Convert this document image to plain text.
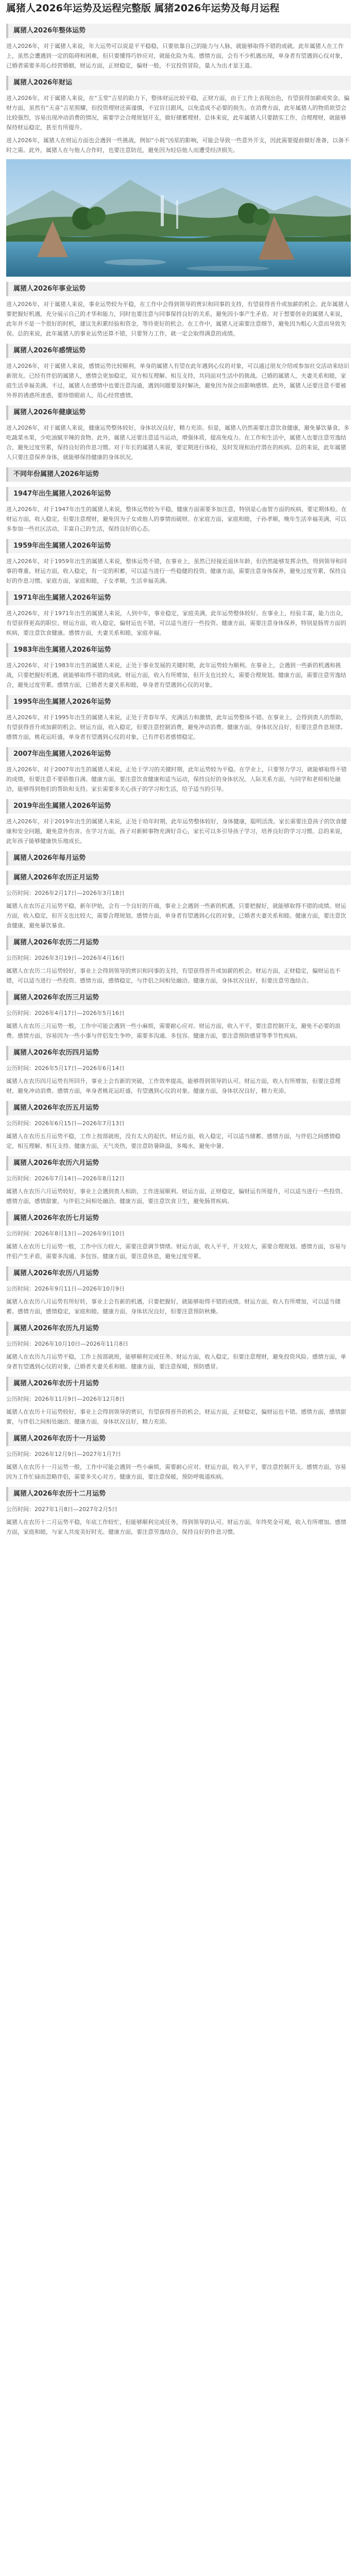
属猪人2026年运势及运程完整版 属猪2026年运势及每月运程
属猪人2026年整体运势

进入2026年，对于属猪人来说，年大运势可以说是平平稳稳，只要依靠自己的能力与人脉，就能够取得不错的成就。此年属猪人在工作上，虽然会遭遇到一定的阻碍和困难，但只要懂得巧妙应对，就能化险为夷。感情方面，会有不少机遇出现，单身者有望遇到心仪对象，已婚者需要多用心经营婚姻，财运方面，正财稳定，偏财一般，不宜投资冒险，量入为出才是王道。

属猪人2026年财运

进入2026年，对于属猪人来说，在“玉堂”吉星的助力下，整体财运比较平稳，正财方面，由于工作上表现出色，有望获得加薪或奖金。偏财方面，虽然有“天喜”吉星照耀，但投资理财还需谨慎，不宜盲目跟风，以免造成不必要的损失。在消费方面，此年属猪人的物质欲望会比较强烈，容易出现冲动消费的情况，需要学会合理规划开支，做好储蓄理财。总体来说，此年属猪人只要踏实工作，合理理财，就能够保持财运稳定，甚至有所提升。

进入2026年，属猪人在财运方面也会遇到一些挑战，例如“小耗”凶星的影响，可能会导致一些意外开支，因此需要提前做好准备，以备不时之需。此外，属猪人在与他人合作时，也要注意防范，避免因为轻信他人而遭受经济损失。

属猪人2026年事业运势

进入2026年，对于属猪人来说，事业运势较为平稳，在工作中会得到领导的赏识和同事的支持，有望获得晋升或加薪的机会。此年属猪人要把握好机遇，充分展示自己的才华和能力，同时也要注意与同事保持良好的关系，避免因小事产生矛盾。对于想要创业的属猪人来说，此年并不是一个很好的时机，建议先积累经验和资金，等待更好的机会。在工作中，属猪人还需要注意细节，避免因为粗心大意而导致失误。总的来说，此年属猪人的事业运势还算不错，只要努力工作，就一定会取得满意的成绩。

属猪人2026年感情运势

进入2026年，对于属猪人来说，感情运势比较顺利，单身的属猪人有望在此年遇到心仪的对象，可以通过朋友介绍或参加社交活动来结识新朋友。已经有伴侣的属猪人，感情会更加稳定，双方相互理解、相互支持，共同面对生活中的挑战。已婚的属猪人，夫妻关系和睦，家庭生活幸福美满。不过，属猪人在感情中也要注意沟通，遇到问题要及时解决，避免因为误会而影响感情。此外，属猪人还要注意不要被外界的诱惑所迷惑，要珍惜眼前人，用心经营感情。

属猪人2026年健康运势

进入2026年，对于属猪人来说，健康运势整体较好，身体状况良好，精力充沛。但是，属猪人仍然需要注意饮食健康，避免暴饮暴食，多吃蔬菜水果，少吃油腻辛辣的食物。此外，属猪人还要注意适当运动，增强体质，提高免疫力。在工作和生活中，属猪人也要注意劳逸结合，避免过度劳累，保持良好的作息习惯。对于年长的属猪人来说，要定期进行体检，及时发现和治疗潜在的疾病。总的来说，此年属猪人只要注意保养身体，就能够保持健康的身体状况。

不同年份属猪人2026年运势
1947年出生属猪人2026年运势

进入2026年，对于1947年出生的属猪人来说，整体运势较为平稳，健康方面需要多加注意，特别是心血管方面的疾病，要定期体检。在财运方面，收入稳定，但要注意理财，避免因为子女或他人的事情而破财。在家庭方面，家庭和睦，子孙孝顺，晚年生活幸福美满，可以多参加一些社区活动，丰富自己的生活，保持良好的心态。

1959年出生属猪人2026年运势

进入2026年，对于1959年出生的属猪人来说，整体运势不错，在事业上，虽然已经接近退休年龄，但仍然能够发挥余热，得到领导和同事的尊重。财运方面，收入稳定，有一定的积蓄，可以适当进行一些稳健的投资。健康方面，需要注意身体保养，避免过度劳累，保持良好的作息习惯。家庭方面，家庭和睦，子女孝顺，生活幸福美满。

1971年出生属猪人2026年运势

进入2026年，对于1971年出生的属猪人来说，人到中年，事业稳定，家庭美满，此年运势整体较好。在事业上，经验丰富，能力出众，有望获得更高的职位。财运方面，收入稳定，偏财运也不错，可以适当进行一些投资。健康方面，需要注意身体保养，特别是肠胃方面的疾病，要注意饮食健康。感情方面，夫妻关系和睦，家庭幸福。

1983年出生属猪人2026年运势

进入2026年，对于1983年出生的属猪人来说，正处于事业发展的关键时期，此年运势较为顺利。在事业上，会遇到一些新的机遇和挑战，只要把握好机遇，就能够取得不错的成就。财运方面，收入有所增加，但开支也比较大，需要合理规划。健康方面，需要注意劳逸结合，避免过度劳累。感情方面，已婚者夫妻关系和睦，单身者有望遇到心仪的对象。

1995年出生属猪人2026年运势

进入2026年，对于1995年出生的属猪人来说，正处于青春年华，充满活力和激情，此年运势整体不错。在事业上，会得到贵人的帮助，有望获得晋升或加薪的机会。财运方面，收入稳定，但要注意控制消费，避免冲动消费。健康方面，身体状况良好，但要注意作息规律。感情方面，桃花运旺盛，单身者有望遇到心仪的对象，已有伴侣者感情稳定。

2007年出生属猪人2026年运势

进入2026年，对于2007年出生的属猪人来说，正处于学习的关键时期，此年运势较为平稳。在学业上，只要努力学习，就能够取得不错的成绩，但要注意不要骄傲自满。健康方面，要注意饮食健康和适当运动，保持良好的身体状况。人际关系方面，与同学和老师相处融洽，能够得到他们的帮助和支持。家长需要多关心孩子的学习和生活，给予适当的引导。

2019年出生属猪人2026年运势

进入2026年，对于2019年出生的属猪人来说，正处于幼年时期，此年运势整体较好，身体健康，聪明活泼。家长需要注意孩子的饮食健康和安全问题，避免意外伤害。在学习方面，孩子对新鲜事物充满好奇心，家长可以多引导孩子学习，培养良好的学习习惯。总的来说，此年孩子能够健康快乐地成长。

属猪人2026年每月运势
属猪人2026年农历正月运势

公历时间：2026年2月17日—2026年3月18日

属猪人在农历正月运势平稳，新年伊始，会有一个良好的开端，事业上会遇到一些新的机遇，只要把握好，就能够取得不错的成绩。财运方面，收入稳定，但开支也比较大，需要合理规划。感情方面，单身者有望遇到心仪的对象，已婚者夫妻关系和睦。健康方面，要注意饮食健康，避免暴饮暴食。

属猪人2026年农历二月运势

公历时间：2026年3月19日—2026年4月16日

属猪人在农历二月运势较好，事业上会得到领导的赏识和同事的支持，有望获得晋升或加薪的机会。财运方面，正财稳定，偏财运也不错，可以适当进行一些投资。感情方面，感情稳定，与伴侣之间相处融洽。健康方面，身体状况良好，但要注意劳逸结合。

属猪人2026年农历三月运势

公历时间：2026年4月17日—2026年5月16日

属猪人在农历三月运势一般，工作中可能会遇到一些小麻烦，需要耐心应对。财运方面，收入平平，要注意控制开支，避免不必要的浪费。感情方面，容易因为一些小事与伴侣发生争吵，需要多沟通、多包容。健康方面，要注意预防感冒等季节性疾病。

属猪人2026年农历四月运势

公历时间：2026年5月17日—2026年6月14日

属猪人在农历四月运势有所回升，事业上会有新的突破，工作效率提高，能够得到领导的认可。财运方面，收入有所增加，但要注意理财，避免冲动消费。感情方面，单身者桃花运旺盛，有望遇到心仪的对象。健康方面，身体状况良好，精力充沛。

属猪人2026年农历五月运势

公历时间：2026年6月15日—2026年7月13日

属猪人在农历五月运势平稳，工作上按部就班，没有太大的起伏。财运方面，收入稳定，可以适当储蓄。感情方面，与伴侣之间感情稳定，相互理解、相互支持。健康方面，天气炎热，要注意防暑降温，多喝水，避免中暑。

属猪人2026年农历六月运势

公历时间：2026年7月14日—2026年8月12日

属猪人在农历六月运势较好，事业上会遇到贵人相助，工作进展顺利。财运方面，正财稳定，偏财运有所提升，可以适当进行一些投资。感情方面，感情甜蜜，与伴侣之间相处融洽。健康方面，要注意饮食卫生，避免肠胃疾病。

属猪人2026年农历七月运势

公历时间：2026年8月13日—2026年9月10日

属猪人在农历七月运势一般，工作中压力较大，需要注意调节情绪。财运方面，收入平平，开支较大，需要合理规划。感情方面，容易与伴侣产生矛盾，需要多沟通、多包容。健康方面，要注意休息，避免过度劳累。

属猪人2026年农历八月运势

公历时间：2026年9月11日—2026年10月9日

属猪人在农历八月运势有所好转，事业上会有新的机遇，只要把握好，就能够取得不错的成绩。财运方面，收入有所增加，可以适当储蓄。感情方面，感情稳定，家庭和睦。健康方面，身体状况良好，但要注意预防秋燥。

属猪人2026年农历九月运势

公历时间：2026年10月10日—2026年11月8日

属猪人在农历九月运势平稳，工作上按部就班，能够顺利完成任务。财运方面，收入稳定，但要注意理财，避免投资风险。感情方面，单身者有望遇到心仪的对象，已婚者夫妻关系和睦。健康方面，要注意保暖，预防感冒。

属猪人2026年农历十月运势

公历时间：2026年11月9日—2026年12月8日

属猪人在农历十月运势较好，事业上会得到领导的赏识，有望获得晋升的机会。财运方面，正财稳定，偏财运也不错。感情方面，感情甜蜜，与伴侣之间相处融洽。健康方面，身体状况良好，精力充沛。

属猪人2026年农历十一月运势

公历时间：2026年12月9日—2027年1月7日

属猪人在农历十一月运势一般，工作中可能会遇到一些小麻烦，需要耐心应对。财运方面，收入平平，要注意控制开支。感情方面，容易因为工作忙碌而忽略伴侣，需要多关心对方。健康方面，要注意保暖，预防呼吸道疾病。

属猪人2026年农历十二月运势

公历时间：2027年1月8日—2027年2月5日

属猪人在农历十二月运势平稳，年底工作较忙，但能够顺利完成任务，得到领导的认可。财运方面，年终奖金可观，收入有所增加。感情方面，家庭和睦，与家人共度美好时光。健康方面，要注意劳逸结合，保持良好的作息习惯。
